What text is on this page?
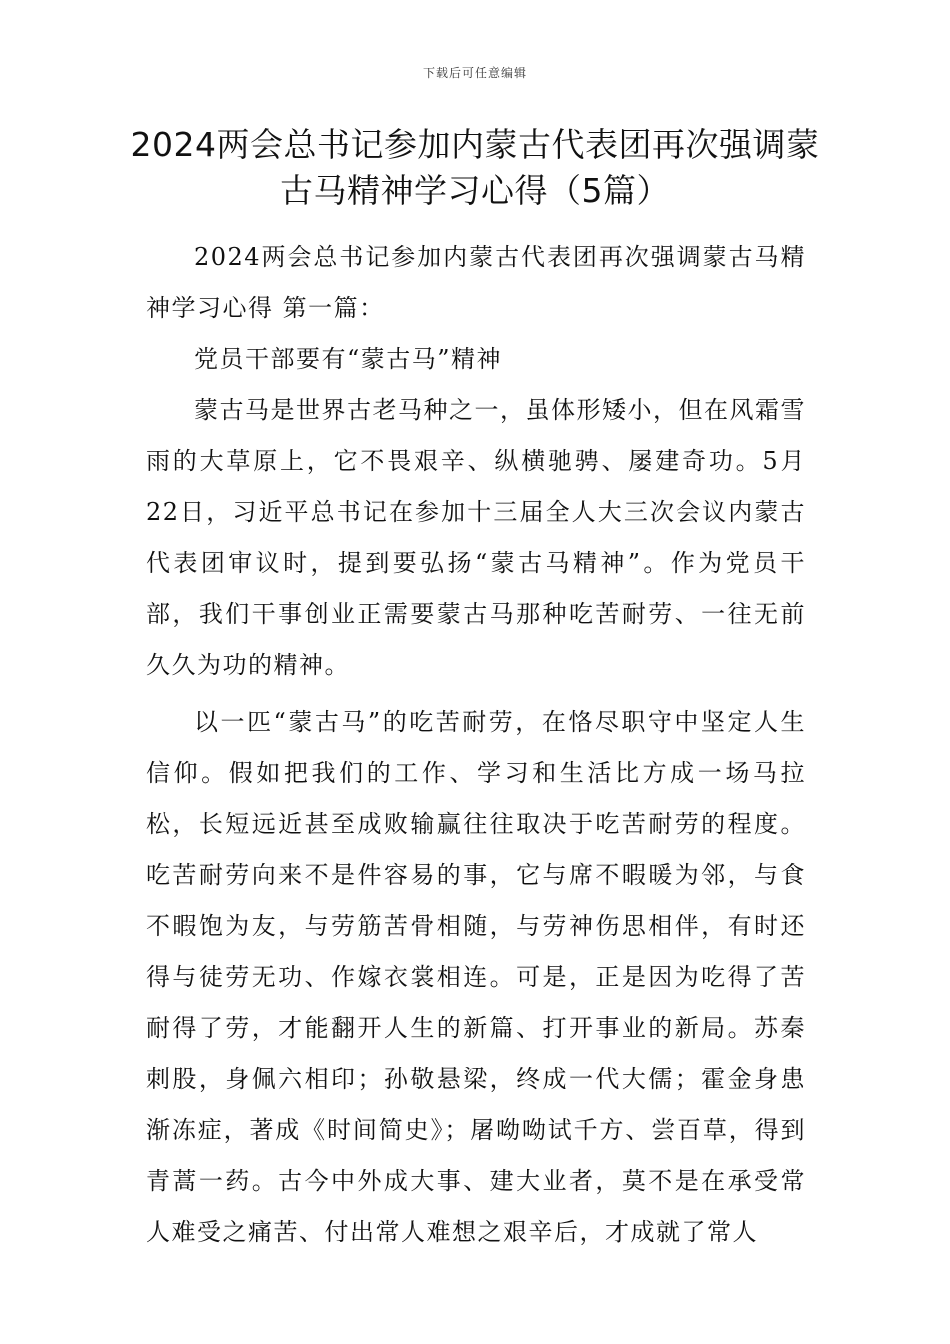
下载后可任意编辑
2024两会总书记参加内蒙古代表团再次强调蒙古马精神学习心得（5篇）

2024两会总书记参加内蒙古代表团再次强调蒙古马精神学习心得 第一篇：

党员干部要有“蒙古马”精神

蒙古马是世界古老马种之一，虽体形矮小，但在风霜雪雨的大草原上，它不畏艰辛、纵横驰骋、屡建奇功。5月22日，习近平总书记在参加十三届全人大三次会议内蒙古代表团审议时，提到要弘扬“蒙古马精神”。作为党员干部，我们干事创业正需要蒙古马那种吃苦耐劳、一往无前久久为功的精神。

以一匹“蒙古马”的吃苦耐劳，在恪尽职守中坚定人生信仰。假如把我们的工作、学习和生活比方成一场马拉松，长短远近甚至成败输赢往往取决于吃苦耐劳的程度。吃苦耐劳向来不是件容易的事，它与席不暇暖为邻，与食不暇饱为友，与劳筋苦骨相随，与劳神伤思相伴，有时还得与徒劳无功、作嫁衣裳相连。可是，正是因为吃得了苦耐得了劳，才能翻开人生的新篇、打开事业的新局。苏秦刺股，身佩六相印；孙敬悬梁，终成一代大儒；霍金身患渐冻症，著成《时间简史》；屠呦呦试千方、尝百草，得到青蒿一药。古今中外成大事、建大业者，莫不是在承受常人难受之痛苦、付出常人难想之艰辛后，才成就了常人
